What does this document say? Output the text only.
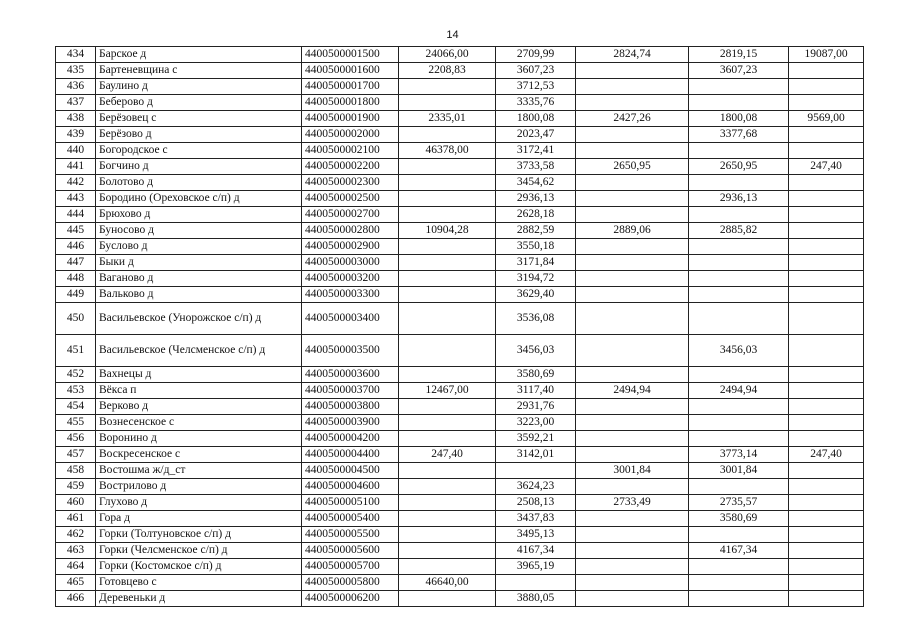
14
434	Барское д	4400500001500	24066,00	2709,99	2824,74	2819,15	19087,00
435	Бартеневщина с	4400500001600	2208,83	3607,23		3607,23	
436	Баулино д	4400500001700		3712,53			
437	Бeберово д	4400500001800		3335,76			
438	Берёзовец с	4400500001900	2335,01	1800,08	2427,26	1800,08	9569,00
439	Берёзово д	4400500002000		2023,47		3377,68	
440	Богородское с	4400500002100	46378,00	3172,41			
441	Богчино д	4400500002200		3733,58	2650,95	2650,95	247,40
442	Болотово д	4400500002300		3454,62			
443	Бородино (Ореховское с/п) д	4400500002500		2936,13		2936,13	
444	Брюхово д	4400500002700		2628,18			
445	Буносово д	4400500002800	10904,28	2882,59	2889,06	2885,82	
446	Буслово д	4400500002900		3550,18			
447	Быки д	4400500003000		3171,84			
448	Ваганово д	4400500003200		3194,72			
449	Вальково д	4400500003300		3629,40			
450	Васильевское (Унорожское с/п) д	4400500003400		3536,08			
451	Васильевское (Челсменское с/п) д	4400500003500		3456,03		3456,03	
452	Вахнецы д	4400500003600		3580,69			
453	Вёкса п	4400500003700	12467,00	3117,40	2494,94	2494,94	
454	Верково д	4400500003800		2931,76			
455	Вознесенское с	4400500003900		3223,00			
456	Воронино д	4400500004200		3592,21			
457	Воскресенское с	4400500004400	247,40	3142,01		3773,14	247,40
458	Востошма ж/д_ст	4400500004500			3001,84	3001,84	
459	Вострилово д	4400500004600		3624,23			
460	Глухово д	4400500005100		2508,13	2733,49	2735,57	
461	Гора д	4400500005400		3437,83		3580,69	
462	Горки (Толтуновское с/п) д	4400500005500		3495,13			
463	Горки (Челсменское с/п) д	4400500005600		4167,34		4167,34	
464	Горки (Костомское с/п) д	4400500005700		3965,19			
465	Готовцево с	4400500005800	46640,00				
466	Деревеньки д	4400500006200		3880,05			
